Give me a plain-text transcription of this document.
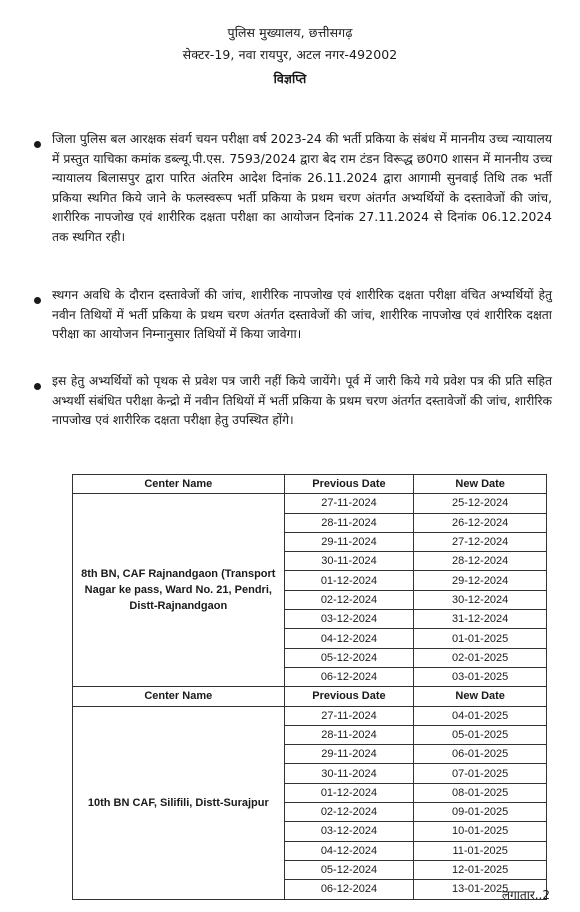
पुलिस मुख्यालय, छत्तीसगढ़
सेक्टर-19, नवा रायपुर, अटल नगर-492002
विज्ञप्ति
जिला पुलिस बल आरक्षक संवर्ग चयन परीक्षा वर्ष 2023-24 की भर्ती प्रकिया के संबंध में माननीय उच्च न्यायालय में प्रस्तुत याचिका कमांक डब्ल्यू.पी.एस. 7593/2024 द्वारा बेद राम टंडन विरूद्ध छ0ग0 शासन में माननीय उच्च न्यायालय बिलासपुर द्वारा पारित अंतरिम आदेश दिनांक 26.11.2024 द्वारा आगामी सुनवाई तिथि तक भर्ती प्रकिया स्थगित किये जाने के फलस्वरूप भर्ती प्रकिया के प्रथम चरण अंतर्गत अभ्यर्थियों के दस्तावेजों की जांच, शारीरिक नापजोख एवं शारीरिक दक्षता परीक्षा का आयोजन दिनांक 27.11.2024 से दिनांक 06.12.2024 तक स्थगित रही।
स्थगन अवधि के दौरान दस्तावेजों की जांच, शारीरिक नापजोख एवं शारीरिक दक्षता परीक्षा वंचित अभ्यर्थियों हेतु नवीन तिथियों में भर्ती प्रकिया के प्रथम चरण अंतर्गत दस्तावेजों की जांच, शारीरिक नापजोख एवं शारीरिक दक्षता परीक्षा का आयोजन निम्नानुसार तिथियों में किया जावेगा।
इस हेतु अभ्यर्थियों को पृथक से प्रवेश पत्र जारी नहीं किये जायेंगे। पूर्व में जारी किये गये प्रवेश पत्र की प्रति सहित अभ्यर्थी संबंधित परीक्षा केन्द्रो में नवीन तिथियों में भर्ती प्रकिया के प्रथम चरण अंतर्गत दस्तावेजों की जांच, शारीरिक नापजोख एवं शारीरिक दक्षता परीक्षा हेतु उपस्थित होंगे।
Center Name	Previous Date	New Date
8th BN, CAF Rajnandgaon (Transport Nagar ke pass, Ward No. 21, Pendri, Distt-Rajnandgaon	27-11-2024	25-12-2024
	28-11-2024	26-12-2024
	29-11-2024	27-12-2024
	30-11-2024	28-12-2024
	01-12-2024	29-12-2024
	02-12-2024	30-12-2024
	03-12-2024	31-12-2024
	04-12-2024	01-01-2025
	05-12-2024	02-01-2025
	06-12-2024	03-01-2025
Center Name	Previous Date	New Date
10th BN CAF, Silifili, Distt-Surajpur	27-11-2024	04-01-2025
	28-11-2024	05-01-2025
	29-11-2024	06-01-2025
	30-11-2024	07-01-2025
	01-12-2024	08-01-2025
	02-12-2024	09-01-2025
	03-12-2024	10-01-2025
	04-12-2024	11-01-2025
	05-12-2024	12-01-2025
	06-12-2024	13-01-2025
लगातार..2
